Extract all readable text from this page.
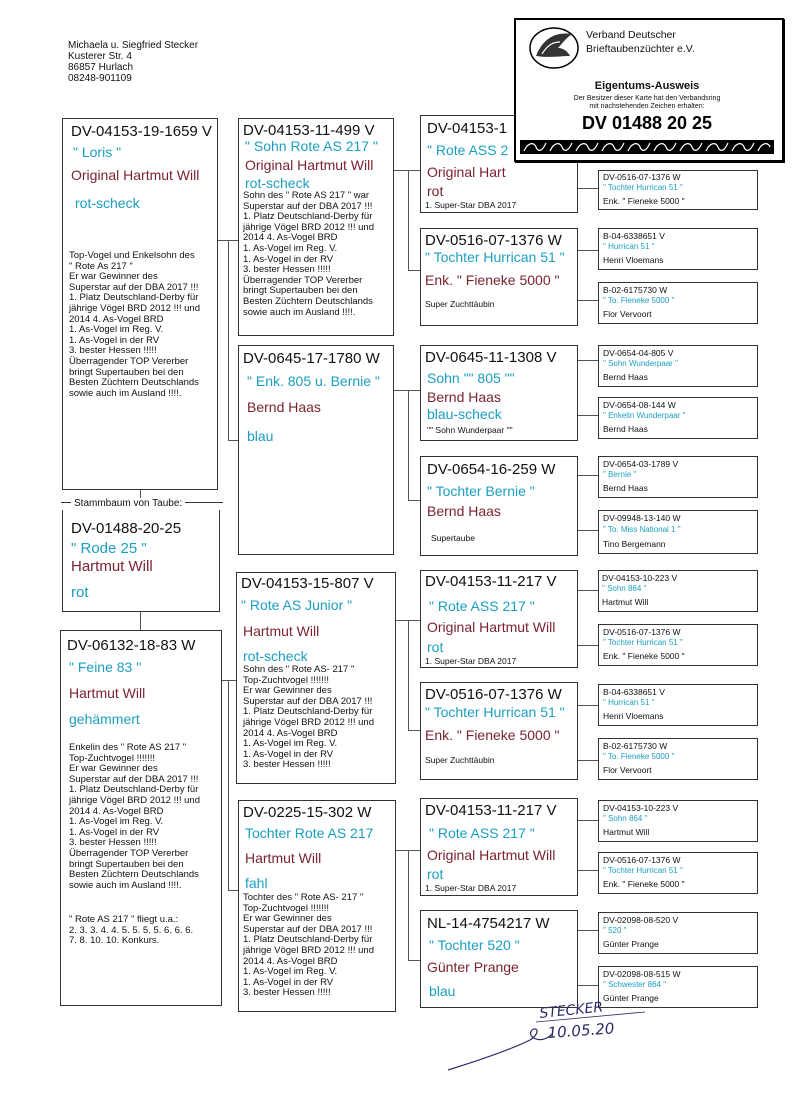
Michaela u. Siegfried Stecker
Kusterer Str. 4
86857 Hurlach
08248-901109
Stammbaum von Taube:
DV-01488-20-25
" Rode 25 "
Hartmut Will
rot
DV-04153-19-1659 V
" Loris "
Original Hartmut Will
rot-scheck
Top-Vogel und Enkelsohn des
" Rote As 217 "
Er war Gewinner des
Superstar auf der DBA 2017 !!!
1. Platz Deutschland-Derby für
jährige Vögel BRD 2012 !!! und
2014 4. As-Vogel BRD
1. As-Vogel im Reg. V.
1. As-Vogel in der RV
3. bester Hessen !!!!!
Überragender TOP Vererber
bringt Supertauben bei den
Besten Züchtern Deutschlands
sowie auch im Ausland !!!!.
DV-06132-18-83 W
" Feine 83 "
Hartmut Will
gehämmert
Enkelin des " Rote AS 217 "
Top-Zuchtvogel !!!!!!!
Er war Gewinner des
Superstar auf der DBA 2017 !!!
1. Platz Deutschland-Derby für
jährige Vögel BRD 2012 !!! und
2014 4. As-Vogel BRD
1. As-Vogel im Reg. V.
1. As-Vogel in der RV
3. bester Hessen !!!!!
Überragender TOP Vererber
bringt Supertauben bei den
Besten Züchtern Deutschlands
sowie auch im Ausland !!!!.
" Rote AS 217 " fliegt u.a.:
2. 3. 3. 4. 4. 5. 5. 5. 5. 6. 6. 6.
7. 8. 10. 10. Konkurs.
DV-04153-11-499 V
" Sohn Rote AS 217 "
Original Hartmut Will
rot-scheck
Sohn des " Rote AS 217 " war
Superstar auf der DBA 2017 !!!
1. Platz Deutschland-Derby für
jährige Vögel BRD 2012 !!! und
2014 4. As-Vogel BRD
1. As-Vogel im Reg. V.
1. As-Vogel in der RV
3. bester Hessen !!!!!
Überragender TOP Vererber
bringt Supertauben bei den
Besten Züchtern Deutschlands
sowie auch im Ausland !!!!.
DV-0645-17-1780 W
" Enk. 805 u. Bernie "
Bernd Haas
blau
DV-04153-15-807 V
" Rote AS Junior "
Hartmut Will
rot-scheck
Sohn des " Rote AS- 217 "
Top-Zuchtvogel !!!!!!!
Er war Gewinner des
Superstar auf der DBA 2017 !!!
1. Platz Deutschland-Derby für
jährige Vögel BRD 2012 !!! und
2014 4. As-Vogel BRD
1. As-Vogel im Reg. V.
1. As-Vogel in der RV
3. bester Hessen !!!!!
DV-0225-15-302 W
Tochter Rote AS 217
Hartmut Will
fahl
Tochter des " Rote AS- 217 "
Top-Zuchtvogel !!!!!!!
Er war Gewinner des
Superstar auf der DBA 2017 !!!
1. Platz Deutschland-Derby für
jährige Vögel BRD 2012 !!! und
2014 4. As-Vogel BRD
1. As-Vogel im Reg. V.
1. As-Vogel in der RV
3. bester Hessen !!!!!
DV-04153-1
" Rote ASS 2
Original Hart
rot
1. Super-Star DBA 2017
DV-0516-07-1376 W
" Tochter Hurrican 51 "
Enk. " Fieneke 5000 "
Super Zuchttäubin
DV-0645-11-1308 V
Sohn "" 805 ""
Bernd Haas
blau-scheck
"" Sohn Wunderpaar ""
DV-0654-16-259 W
" Tochter Bernie "
Bernd Haas
Supertaube
DV-04153-11-217 V
" Rote ASS 217 "
Original Hartmut Will
rot
1. Super-Star DBA 2017
DV-0516-07-1376 W
" Tochter Hurrican 51 "
Enk. " Fieneke 5000 "
Super Zuchttäubin
DV-04153-11-217 V
" Rote ASS 217 "
Original Hartmut Will
rot
1. Super-Star DBA 2017
NL-14-4754217 W
" Tochter 520 "
Günter Prange
blau
DV-0516-07-1376 W
" Tochter Hurrican 51 "
Enk. " Fieneke 5000 "
B-04-6338651 V
" Hurrican 51 "
Henri Vloemans
B-02-6175730 W
" To. Fieneke 5000 "
Flor Vervoort
DV-0654-04-805 V
" Sohn Wunderpaar "
Bernd Haas
DV-0654-08-144 W
" Enkelin Wunderpaar "
Bernd Haas
DV-0654-03-1789 V
" Bernie "
Bernd Haas
DV-09948-13-140 W
" To. Miss National 1 "
Tino Bergemann
DV-04153-10-223 V
" Sohn 864 "
Hartmut Will
DV-0516-07-1376 W
" Tochter Hurrican 51 "
Enk. " Fieneke 5000 "
B-04-6338651 V
" Hurrican 51 "
Henri Vloemans
B-02-6175730 W
" To. Fieneke 5000 "
Flor Vervoort
DV-04153-10-223 V
" Sohn 864 "
Hartmut Will
DV-0516-07-1376 W
" Tochter Hurrican 51 "
Enk. " Fieneke 5000 "
DV-02098-08-520 V
" 520 "
Günter Prange
DV-02098-08-515 W
" Schwester 864 "
Günter Prange
Verband Deutscher
Brieftaubenzüchter e.V.
Eigentums-Ausweis
Der Besitzer dieser Karte hat den Verbandsring
mit nachstehenden Zeichen erhalten:
DV 01488 20 25
STECKER
10.05.20
